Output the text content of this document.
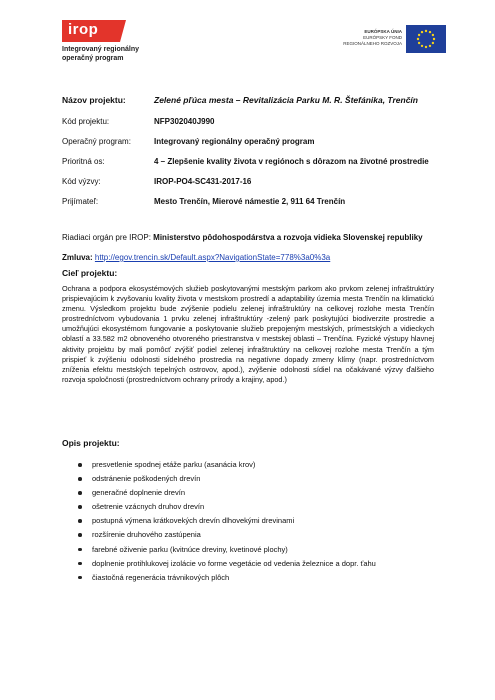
irop
Integrovaný regionálny operačný program
EURÓPSKA ÚNIA
EURÓPSKY FOND
REGIONÁLNEHO ROZVOJA
Názov projektu:	Zelené pľúca mesta – Revitalizácia Parku M. R. Štefánika, Trenčín
Kód projektu:	NFP302040J990
Operačný program:	Integrovaný regionálny operačný program
Prioritná os:	4 – Zlepšenie kvality života v regiónoch s dôrazom na životné prostredie
Kód výzvy:	IROP-PO4-SC431-2017-16
Prijímateľ:	Mesto Trenčín, Mierové námestie 2, 911 64 Trenčín
Riadiaci orgán pre IROP: Ministerstvo pôdohospodárstva a rozvoja vidieka Slovenskej republiky
Zmluva: http://egov.trencin.sk/Default.aspx?NavigationState=778%3a0%3a
Cieľ projektu:
Ochrana a podpora ekosystémových služieb poskytovanými mestským parkom ako prvkom zelenej infraštruktúry prispievajúcim k zvyšovaniu kvality života v mestskom prostredí a adaptability územia mesta Trenčín na klimatickú zmenu. Výsledkom projektu bude zvýšenie podielu zelenej infraštruktúry na celkovej rozlohe mesta Trenčín prostredníctvom vybudovania 1 prvku zelenej infraštruktúry -zelený park poskytujúci biodiverzite prostredie a umožňujúci ekosystémom fungovanie a poskytovanie služieb prepojeným mestských, prímestských a vidieckych oblastí a 33.582 m2 obnoveného otvoreného priestranstva v mestskej oblasti – Trenčína. Fyzické výstupy hlavnej aktivity projektu by mali pomôcť zvýšiť podiel zelenej infraštruktúry na celkovej rozlohe mesta Trenčín a tým prispieť k zvýšeniu odolnosti sídelného prostredia na negatívne dopady zmeny klímy (napr. prostredníctvom zníženia efektu mestských tepelných ostrovov, apod.), zvýšenie odolnosti sídiel na očakávané výzvy ďalšieho rozvoja spoločnosti (prostredníctvom ochrany prírody a krajiny, apod.)
Opis projektu:
presvetlenie spodnej etáže parku (asanácia krov)
odstránenie poškodených drevín
generačné doplnenie drevín
ošetrenie vzácnych druhov drevín
postupná výmena krátkovekých drevín dlhovekými drevinami
rozšírenie druhového zastúpenia
farebné oživenie parku (kvitnúce dreviny, kvetinové plochy)
doplnenie protihlukovej izolácie vo forme vegetácie od vedenia železnice a dopr. ťahu
čiastočná regenerácia trávnikových plôch
